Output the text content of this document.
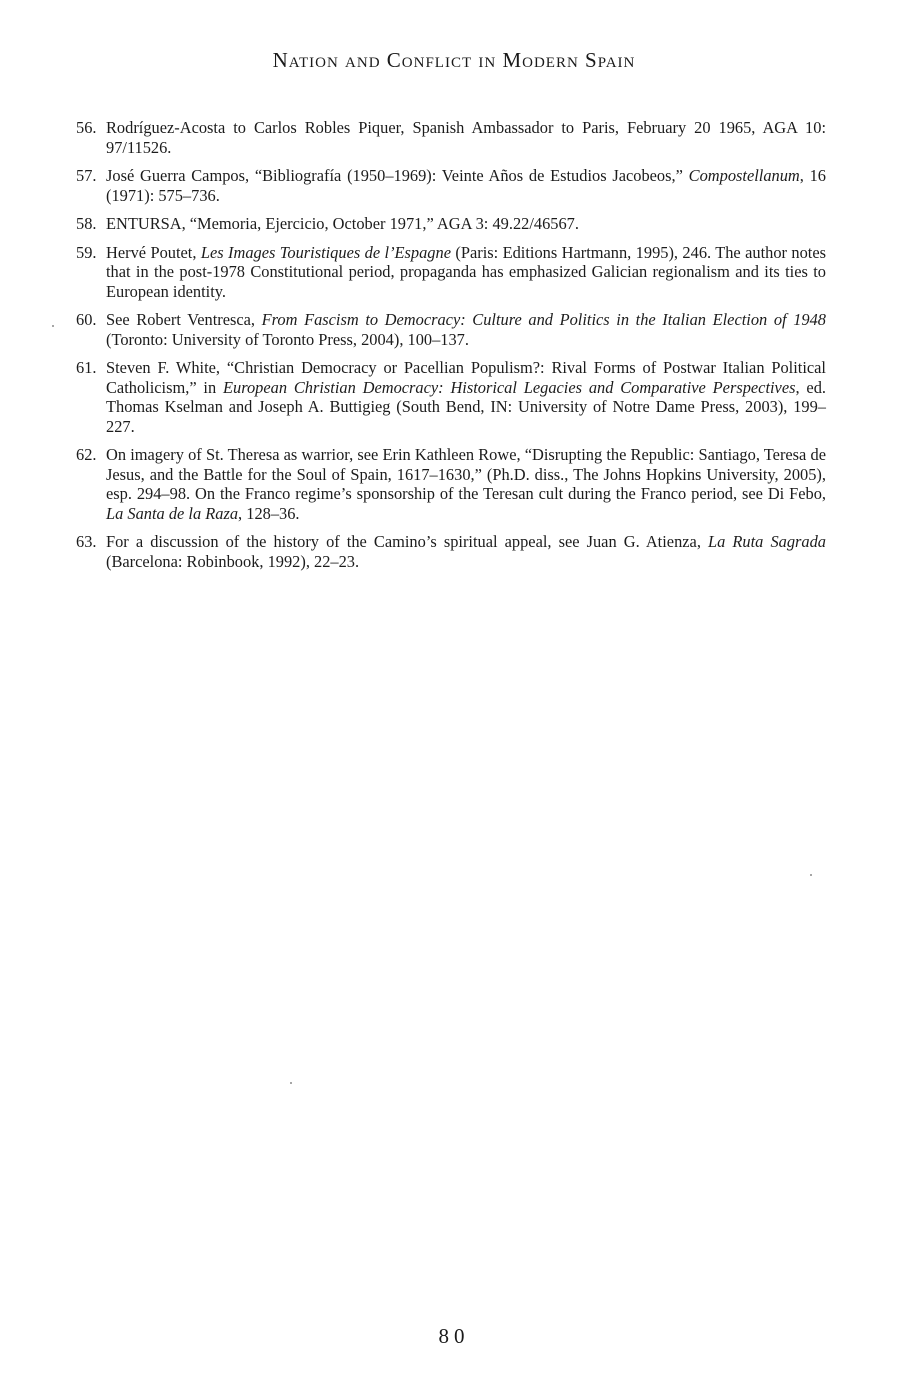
Nation and Conflict in Modern Spain
56. Rodríguez-Acosta to Carlos Robles Piquer, Spanish Ambassador to Paris, February 20 1965, AGA 10: 97/11526.
57. José Guerra Campos, “Bibliografía (1950–1969): Veinte Años de Estudios Jacobeos,” Compostellanum, 16 (1971): 575–736.
58. ENTURSA, “Memoria, Ejercicio, October 1971,” AGA 3: 49.22/46567.
59. Hervé Poutet, Les Images Touristiques de l’Espagne (Paris: Editions Hartmann, 1995), 246. The author notes that in the post-1978 Constitutional period, propaganda has emphasized Galician regionalism and its ties to European identity.
60. See Robert Ventresca, From Fascism to Democracy: Culture and Politics in the Italian Election of 1948 (Toronto: University of Toronto Press, 2004), 100–137.
61. Steven F. White, “Christian Democracy or Pacellian Populism?: Rival Forms of Postwar Italian Political Catholicism,” in European Christian Democracy: Historical Legacies and Comparative Perspectives, ed. Thomas Kselman and Joseph A. Buttigieg (South Bend, IN: University of Notre Dame Press, 2003), 199–227.
62. On imagery of St. Theresa as warrior, see Erin Kathleen Rowe, “Disrupting the Republic: Santiago, Teresa de Jesus, and the Battle for the Soul of Spain, 1617–1630,” (Ph.D. diss., The Johns Hopkins University, 2005), esp. 294–98. On the Franco regime’s sponsorship of the Teresan cult during the Franco period, see Di Febo, La Santa de la Raza, 128–36.
63. For a discussion of the history of the Camino’s spiritual appeal, see Juan G. Atienza, La Ruta Sagrada (Barcelona: Robinbook, 1992), 22–23.
80
